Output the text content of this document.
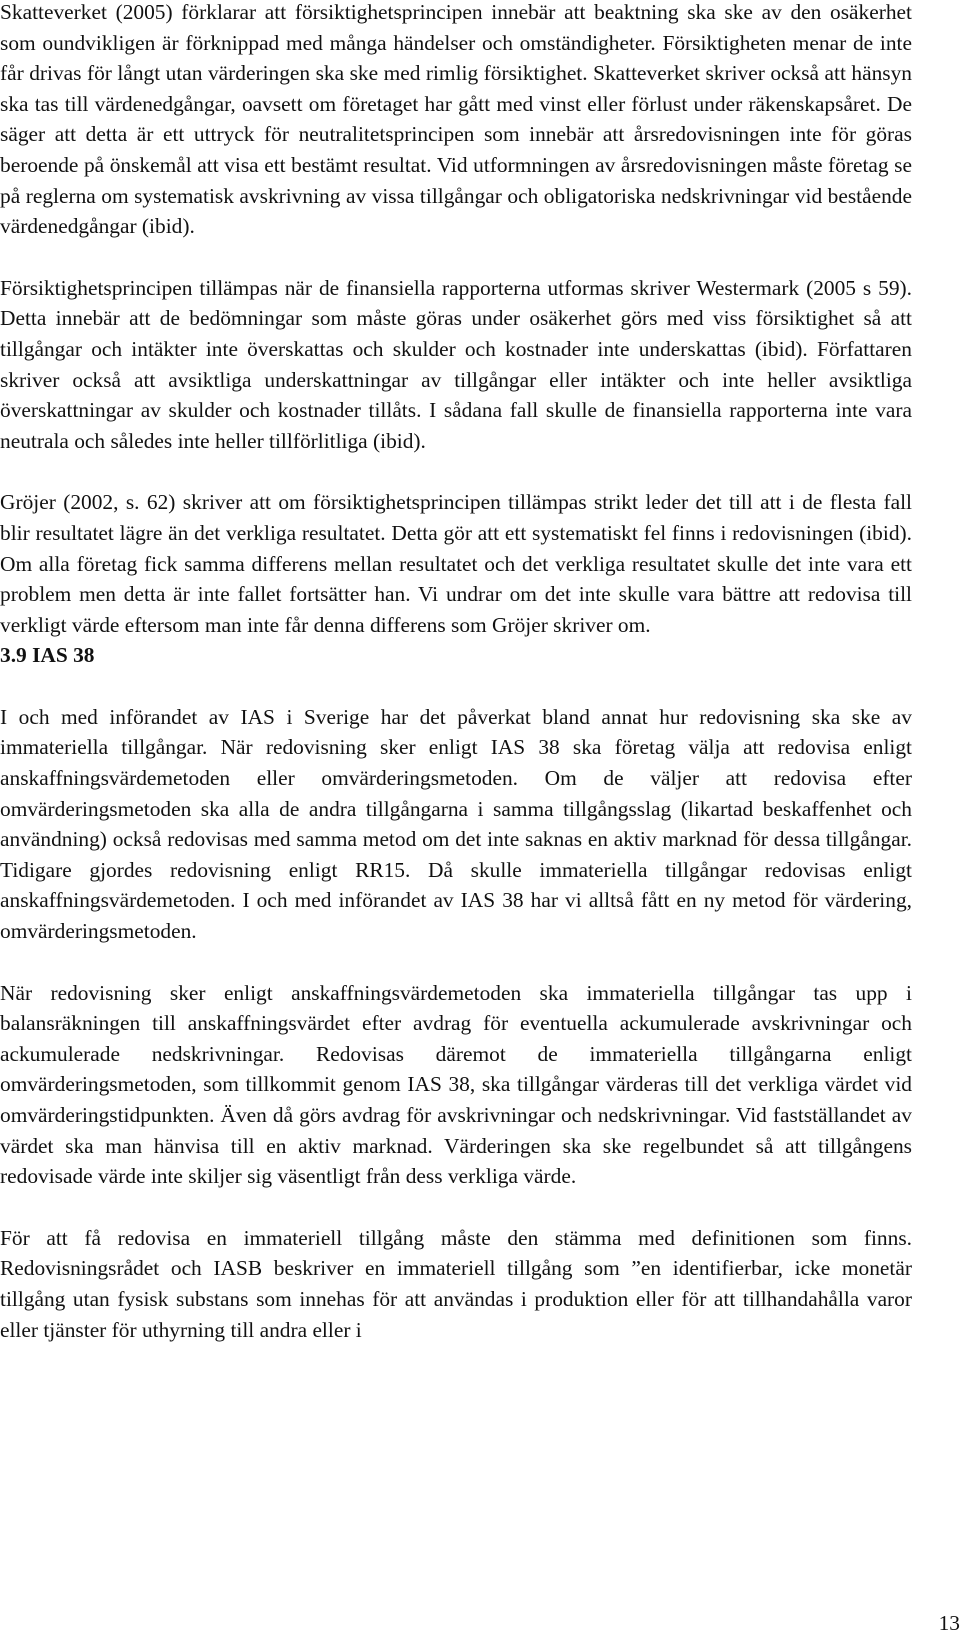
Skatteverket (2005) förklarar att försiktighetsprincipen innebär att beaktning ska ske av den osäkerhet som oundvikligen är förknippad med många händelser och omständigheter. Försiktigheten menar de inte får drivas för långt utan värderingen ska ske med rimlig försiktighet. Skatteverket skriver också att hänsyn ska tas till värdenedgångar, oavsett om företaget har gått med vinst eller förlust under räkenskapsåret. De säger att detta är ett uttryck för neutralitetsprincipen som innebär att årsredovisningen inte för göras beroende på önskemål att visa ett bestämt resultat. Vid utformningen av årsredovisningen måste företag se på reglerna om systematisk avskrivning av vissa tillgångar och obligatoriska nedskrivningar vid bestående värdenedgångar (ibid).

Försiktighetsprincipen tillämpas när de finansiella rapporterna utformas skriver Westermark (2005 s 59). Detta innebär att de bedömningar som måste göras under osäkerhet görs med viss försiktighet så att tillgångar och intäkter inte överskattas och skulder och kostnader inte underskattas (ibid). Författaren skriver också att avsiktliga underskattningar av tillgångar eller intäkter och inte heller avsiktliga överskattningar av skulder och kostnader tillåts. I sådana fall skulle de finansiella rapporterna inte vara neutrala och således inte heller tillförlitliga (ibid).

Gröjer (2002, s. 62) skriver att om försiktighetsprincipen tillämpas strikt leder det till att i de flesta fall blir resultatet lägre än det verkliga resultatet. Detta gör att ett systematiskt fel finns i redovisningen (ibid). Om alla företag fick samma differens mellan resultatet och det verkliga resultatet skulle det inte vara ett problem men detta är inte fallet fortsätter han. Vi undrar om det inte skulle vara bättre att redovisa till verkligt värde eftersom man inte får denna differens som Gröjer skriver om.

3.9 IAS 38

I och med införandet av IAS i Sverige har det påverkat bland annat hur redovisning ska ske av immateriella tillgångar. När redovisning sker enligt IAS 38 ska företag välja att redovisa enligt anskaffningsvärdemetoden eller omvärderingsmetoden. Om de väljer att redovisa efter omvärderingsmetoden ska alla de andra tillgångarna i samma tillgångsslag (likartad beskaffenhet och användning) också redovisas med samma metod om det inte saknas en aktiv marknad för dessa tillgångar. Tidigare gjordes redovisning enligt RR15. Då skulle immateriella tillgångar redovisas enligt anskaffningsvärdemetoden. I och med införandet av IAS 38 har vi alltså fått en ny metod för värdering, omvärderingsmetoden.

När redovisning sker enligt anskaffningsvärdemetoden ska immateriella tillgångar tas upp i balansräkningen till anskaffningsvärdet efter avdrag för eventuella ackumulerade avskrivningar och ackumulerade nedskrivningar. Redovisas däremot de immateriella tillgångarna enligt omvärderingsmetoden, som tillkommit genom IAS 38, ska tillgångar värderas till det verkliga värdet vid omvärderingstidpunkten. Även då görs avdrag för avskrivningar och nedskrivningar. Vid fastställandet av värdet ska man hänvisa till en aktiv marknad. Värderingen ska ske regelbundet så att tillgångens redovisade värde inte skiljer sig väsentligt från dess verkliga värde.

För att få redovisa en immateriell tillgång måste den stämma med definitionen som finns. Redovisningsrådet och IASB beskriver en immateriell tillgång som ”en identifierbar, icke monetär tillgång utan fysisk substans som innehas för att användas i produktion eller för att tillhandahålla varor eller tjänster för uthyrning till andra eller i

13
